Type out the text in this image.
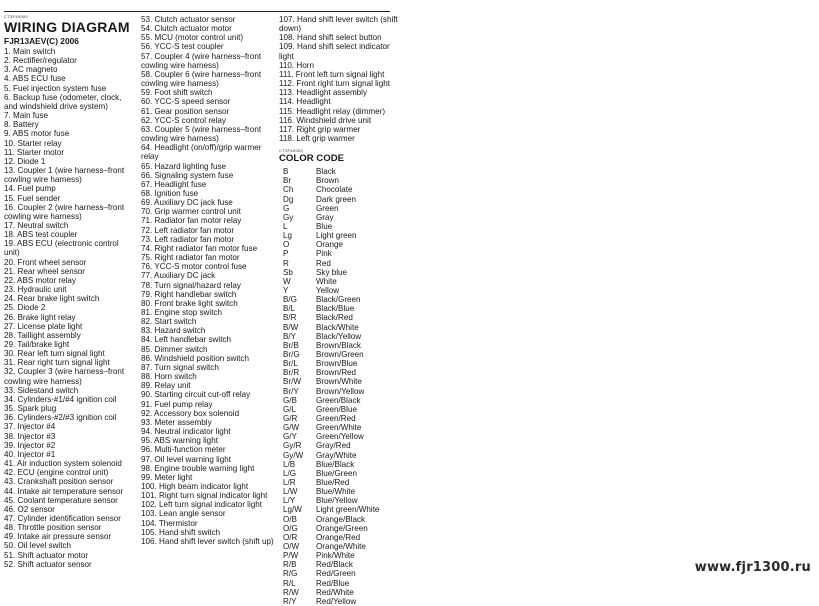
CT3P40000
WIRING DIAGRAM
FJR13AEV(C) 2006
1. Main switch
2. Rectifier/regulator
3. AC magneto
4. ABS ECU fuse
5. Fuel injection system fuse
6. Backup fuse (odometer, clock, and windshield drive system)
7. Main fuse
8. Battery
9. ABS motor fuse
10. Starter relay
11. Starter motor
12. Diode 1
13. Coupler 1 (wire harness–front cowling wire harness)
14. Fuel pump
15. Fuel sender
16. Coupler 2 (wire harness–front cowling wire harness)
17. Neutral switch
18. ABS test coupler
19. ABS ECU (electronic control unit)
20. Front wheel sensor
21. Rear wheel sensor
22. ABS motor relay
23. Hydraulic unit
24. Rear brake light switch
25. Diode 2
26. Brake light relay
27. License plate light
28. Taillight assembly
29. Tail/brake light
30. Rear left turn signal light
31. Rear right turn signal light
32. Coupler 3 (wire harness–front cowling wire harness)
33. Sidestand switch
34. Cylinders-#1/#4 ignition coil
35. Spark plug
36. Cylinders-#2/#3 ignition coil
37. Injector #4
38. Injector #3
39. Injector #2
40. Injector #1
41. Air induction system solenoid
42. ECU (engine control unit)
43. Crankshaft position sensor
44. Intake air temperature sensor
45. Coolant temperature sensor
46. O2 sensor
47. Cylinder identification sensor
48. Throttle position sensor
49. Intake air pressure sensor
50. Oil level switch
51. Shift actuator motor
52. Shift actuator sensor
53. Clutch actuator sensor
54. Clutch actuator motor
55. MCU (motor control unit)
56. YCC-S test coupler
57. Coupler 4 (wire harness–front cowling wire harness)
58. Coupler 6 (wire harness–front cowling wire harness)
59. Foot shift switch
60. YCC-S speed sensor
61. Gear position sensor
62. YCC-S control relay
63. Coupler 5 (wire harness–front cowling wire harness)
64. Headlight (on/off)/grip warmer relay
65. Hazard lighting fuse
66. Signaling system fuse
67. Headlight fuse
68. Ignition fuse
69. Auxiliary DC jack fuse
70. Grip warmer control unit
71. Radiator fan motor relay
72. Left radiator fan motor
73. Left radiator fan motor
74. Right radiator fan motor fuse
75. Right radiator fan motor
76. YCC-S motor control fuse
77. Auxiliary DC jack
78. Turn signal/hazard relay
79. Right handlebar switch
80. Front brake light switch
81. Engine stop switch
82. Start switch
83. Hazard switch
84. Left handlebar switch
85. Dimmer switch
86. Windshield position switch
87. Turn signal switch
88. Horn switch
89. Relay unit
90. Starting circuit cut-off relay
91. Fuel pump relay
92. Accessory box solenoid
93. Meter assembly
94. Neutral indicator light
95. ABS warning light
96. Multi-function meter
97. Oil level warning light
98. Engine trouble warning light
99. Meter light
100. High beam indicator light
101. Right turn signal indicator light
102. Left turn signal indicator light
103. Lean angle sensor
104. Thermistor
105. Hand shift switch
106. Hand shift lever switch (shift up)
107. Hand shift lever switch (shift down)
108. Hand shift select button
109. Hand shift select indicator light
110. Horn
111. Front left turn signal light
112. Front right turn signal light
113. Headlight assembly
114. Headlight
115. Headlight relay (dimmer)
116. Windshield drive unit
117. Right grip warmer
118. Left grip warmer
CT3P40000
COLOR CODE
B	Black
Br	Brown
Ch	Chocolate
Dg	Dark green
G	Green
Gy	Gray
L	Blue
Lg	Light green
O	Orange
P	Pink
R	Red
Sb	Sky blue
W	White
Y	Yellow
B/G	Black/Green
B/L	Black/Blue
B/R	Black/Red
B/W	Black/White
B/Y	Black/Yellow
Br/B	Brown/Black
Br/G	Brown/Green
Br/L	Brown/Blue
Br/R	Brown/Red
Br/W	Brown/White
Br/Y	Brown/Yellow
G/B	Green/Black
G/L	Green/Blue
G/R	Green/Red
G/W	Green/White
G/Y	Green/Yellow
Gy/R	Gray/Red
Gy/W	Gray/White
L/B	Blue/Black
L/G	Blue/Green
L/R	Blue/Red
L/W	Blue/White
L/Y	Blue/Yellow
Lg/W	Light green/White
O/B	Orange/Black
O/G	Orange/Green
O/R	Orange/Red
O/W	Orange/White
P/W	Pink/White
R/B	Red/Black
R/G	Red/Green
R/L	Red/Blue
R/W	Red/White
R/Y	Red/Yellow
www.fjr1300.ru
